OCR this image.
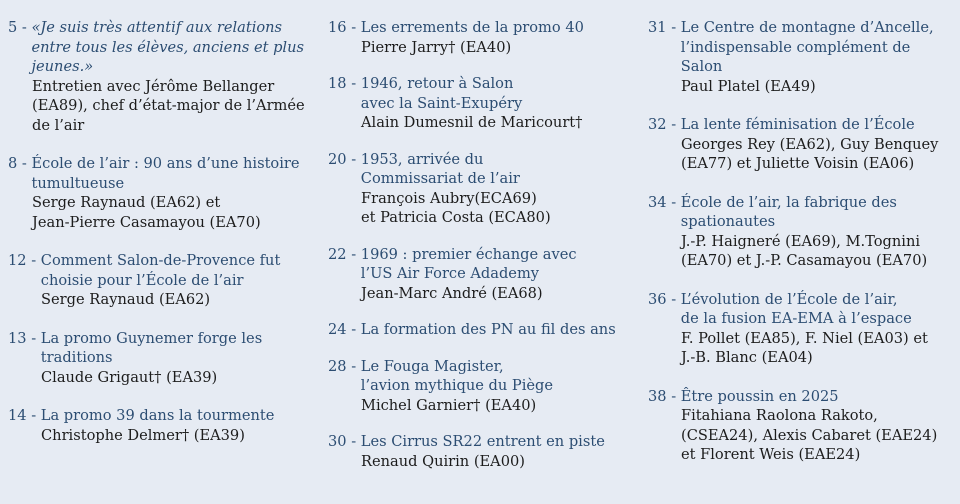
5 - «Je suis très attentif aux relations
entre tous les élèves, anciens et plus
jeunes.»
Entretien avec Jérôme Bellanger
(EA89), chef d’état-major de l’Armée
de l’air
8 - École de l’air : 90 ans d’une histoire
tumultueuse
Serge Raynaud (EA62) et
Jean-Pierre Casamayou (EA70)
12 - Comment Salon-de-Provence fut
choisie pour l’École de l’air
Serge Raynaud (EA62)
13 - La promo Guynemer forge les
traditions
Claude Grigaut† (EA39)
14 - La promo 39 dans la tourmente
Christophe Delmer† (EA39)
16 - Les errements de la promo 40
Pierre Jarry† (EA40)
18 - 1946, retour à Salon
avec la Saint-Exupéry
Alain Dumesnil de Maricourt†
20 - 1953, arrivée du
Commissariat de l’air
François Aubry(ECA69)
et Patricia Costa (ECA80)
22 - 1969 : premier échange avec
l’US Air Force Adademy
Jean-Marc André (EA68)
24 - La formation des PN au fil des ans
28 - Le Fouga Magister,
l’avion mythique du Piège
Michel Garnier† (EA40)
30 - Les Cirrus SR22 entrent en piste
Renaud Quirin (EA00)
31 - Le Centre de montagne d’Ancelle,
l’indispensable complément de Salon
Paul Platel (EA49)
32 - La lente féminisation de l’École
Georges Rey (EA62), Guy Benquey
(EA77) et Juliette Voisin (EA06)
34 - École de l’air, la fabrique des
spationautes
J.-P. Haigneré (EA69), M.Tognini
(EA70) et J.-P. Casamayou (EA70)
36 - L’évolution de l’École de l’air,
de la fusion EA-EMA à l’espace
F. Pollet (EA85), F. Niel (EA03) et
J.-B. Blanc (EA04)
38 - Être poussin en 2025
Fitahiana Raolona Rakoto,
(CSEA24), Alexis Cabaret (EAE24)
et Florent Weis (EAE24)
